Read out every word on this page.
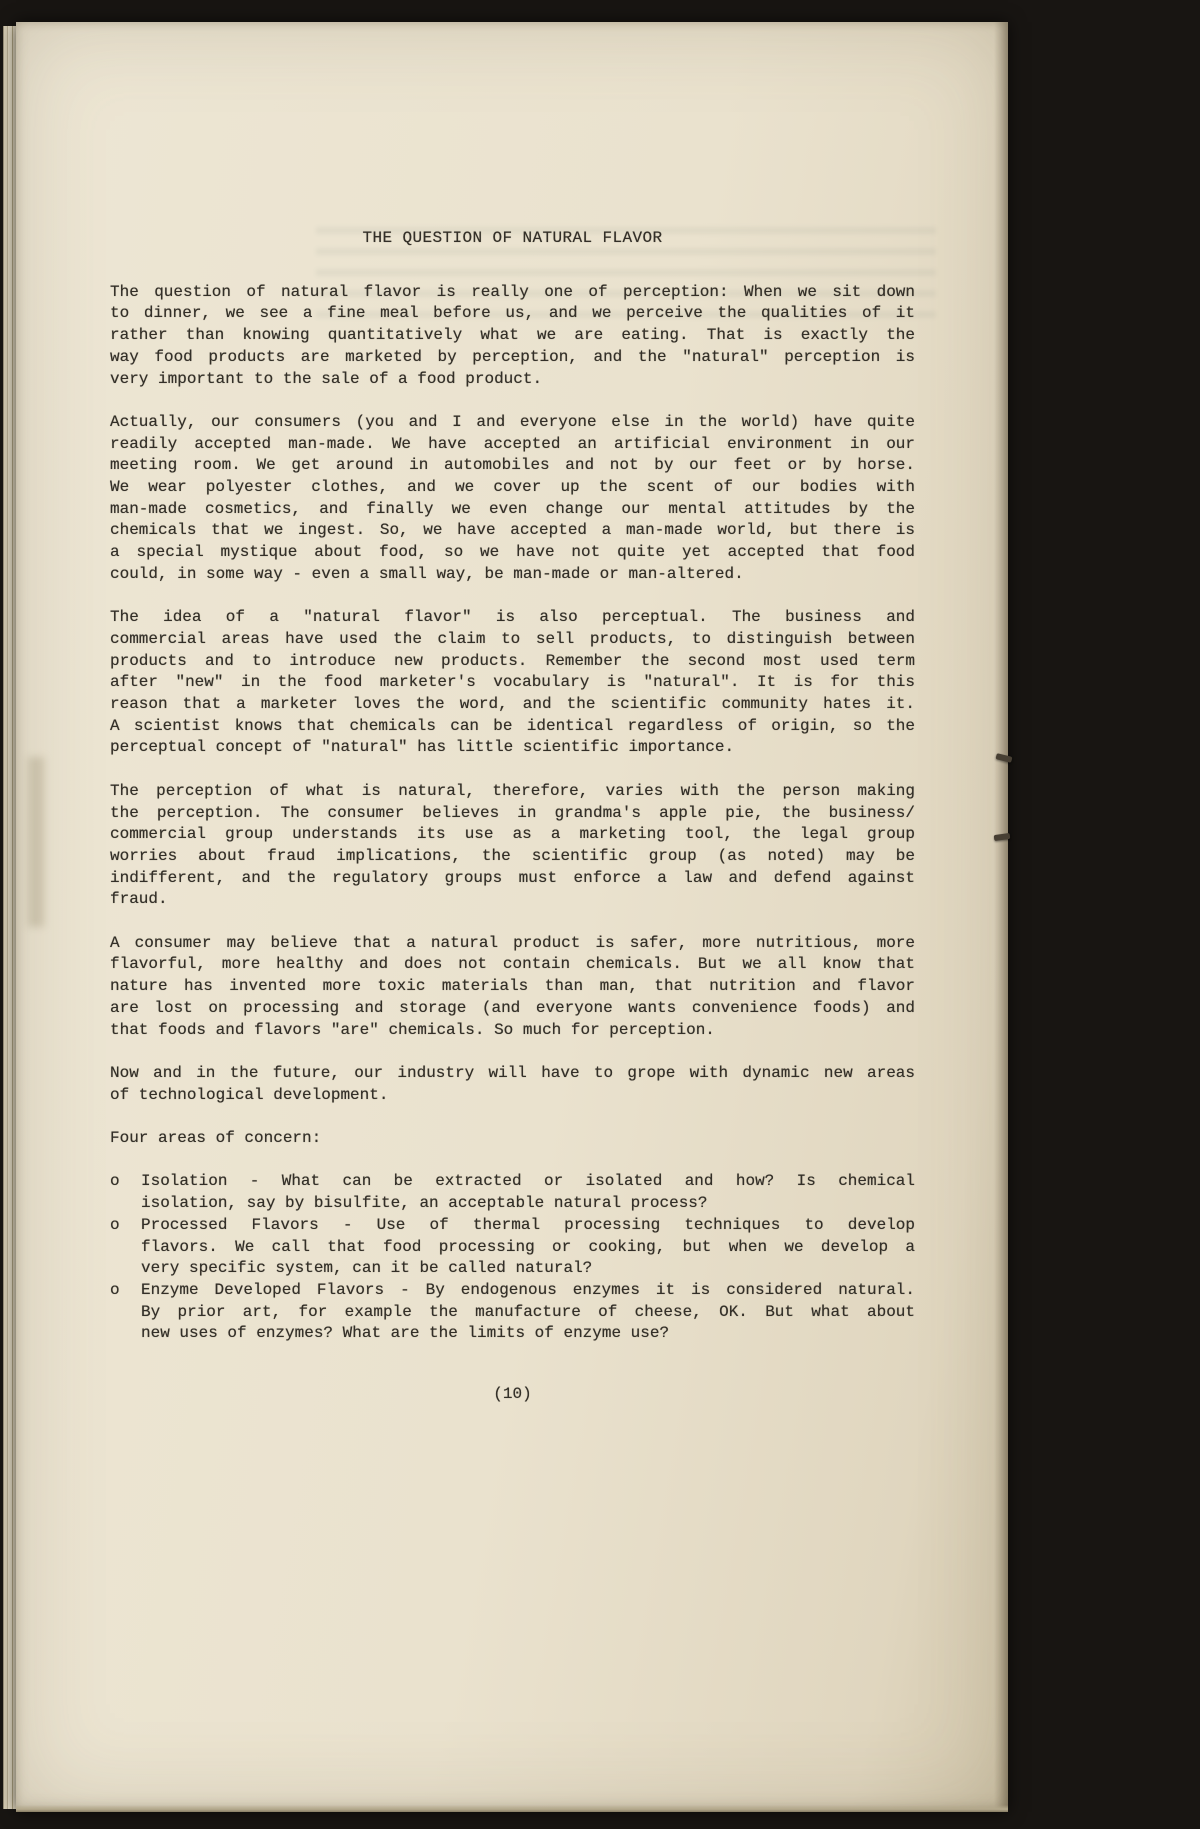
THE QUESTION OF NATURAL FLAVOR
The question of natural flavor is really one of perception: When we sit down
to dinner, we see a fine meal before us, and we perceive the qualities of it
rather than knowing quantitatively what we are eating. That is exactly the
way food products are marketed by perception, and the "natural" perception is
very important to the sale of a food product.
Actually, our consumers (you and I and everyone else in the world) have quite
readily accepted man-made. We have accepted an artificial environment in our
meeting room. We get around in automobiles and not by our feet or by horse.
We wear polyester clothes, and we cover up the scent of our bodies with
man-made cosmetics, and finally we even change our mental attitudes by the
chemicals that we ingest. So, we have accepted a man-made world, but there is
a special mystique about food, so we have not quite yet accepted that food
could, in some way - even a small way, be man-made or man-altered.
The idea of a "natural flavor" is also perceptual. The business and
commercial areas have used the claim to sell products, to distinguish between
products and to introduce new products. Remember the second most used term
after "new" in the food marketer's vocabulary is "natural". It is for this
reason that a marketer loves the word, and the scientific community hates it.
A scientist knows that chemicals can be identical regardless of origin, so the
perceptual concept of "natural" has little scientific importance.
The perception of what is natural, therefore, varies with the person making
the perception. The consumer believes in grandma's apple pie, the business/
commercial group understands its use as a marketing tool, the legal group
worries about fraud implications, the scientific group (as noted) may be
indifferent, and the regulatory groups must enforce a law and defend against
fraud.
A consumer may believe that a natural product is safer, more nutritious, more
flavorful, more healthy and does not contain chemicals. But we all know that
nature has invented more toxic materials than man, that nutrition and flavor
are lost on processing and storage (and everyone wants convenience foods) and
that foods and flavors "are" chemicals. So much for perception.
Now and in the future, our industry will have to grope with dynamic new areas
of technological development.
Four areas of concern:
o	Isolation - What can be extracted or isolated and how? Is chemical
isolation, say by bisulfite, an acceptable natural process?
o	Processed Flavors - Use of thermal processing techniques to develop
flavors. We call that food processing or cooking, but when we develop a
very specific system, can it be called natural?
o	Enzyme Developed Flavors - By endogenous enzymes it is considered natural.
By prior art, for example the manufacture of cheese, OK. But what about
new uses of enzymes? What are the limits of enzyme use?
(10)
